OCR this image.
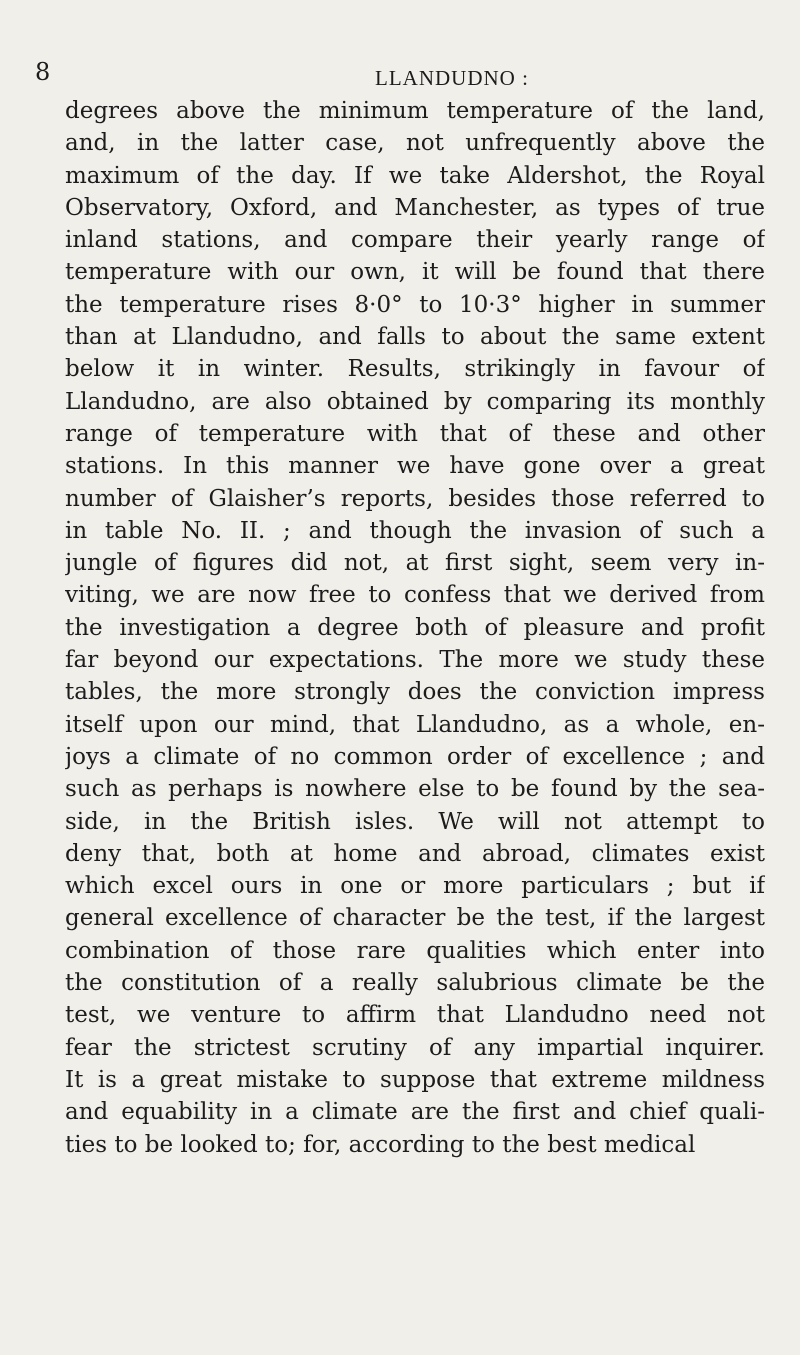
8	LLANDUDNO :
degrees above the minimum temperature of the land,
and, in the latter case, not unfrequently above the
maximum of the day. If we take Aldershot, the Royal
Observatory, Oxford, and Manchester, as types of true
inland stations, and compare their yearly range of
temperature with our own, it will be found that there
the temperature rises 8·0° to 10·3° higher in summer
than at Llandudno, and falls to about the same extent
below it in winter. Results, strikingly in favour of
Llandudno, are also obtained by comparing its monthly
range of temperature with that of these and other
stations. In this manner we have gone over a great
number of Glaisher’s reports, besides those referred to
in table No. II. ; and though the invasion of such a
jungle of figures did not, at first sight, seem very in-
viting, we are now free to confess that we derived from
the investigation a degree both of pleasure and profit
far beyond our expectations. The more we study these
tables, the more strongly does the conviction impress
itself upon our mind, that Llandudno, as a whole, en-
joys a climate of no common order of excellence ; and
such as perhaps is nowhere else to be found by the sea-
side, in the British isles. We will not attempt to
deny that, both at home and abroad, climates exist
which excel ours in one or more particulars ; but if
general excellence of character be the test, if the largest
combination of those rare qualities which enter into
the constitution of a really salubrious climate be the
test, we venture to affirm that Llandudno need not
fear the strictest scrutiny of any impartial inquirer.
It is a great mistake to suppose that extreme mildness
and equability in a climate are the first and chief quali-
ties to be looked to; for, according to the best medical
